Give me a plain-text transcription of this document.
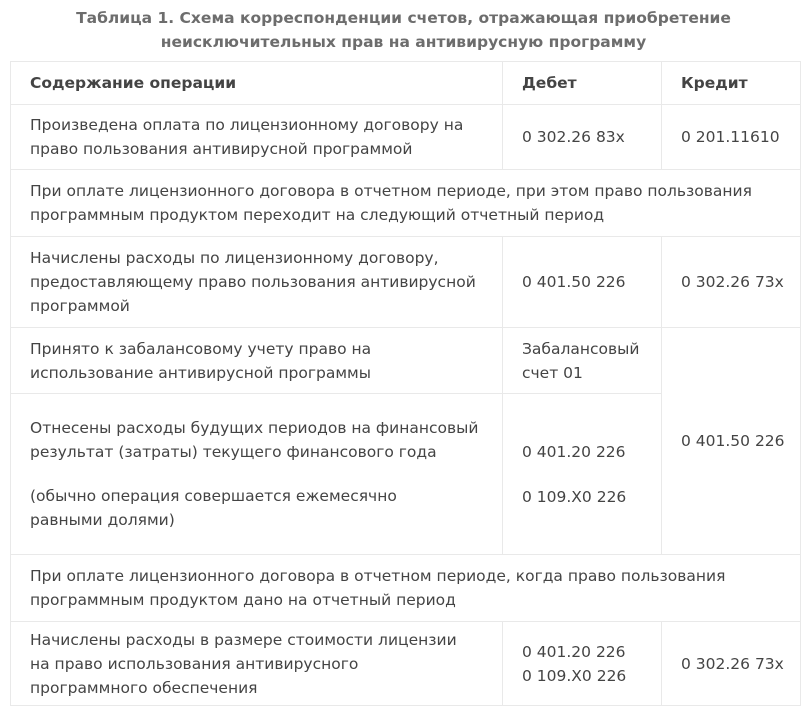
Таблица 1. Схема корреспонденции счетов, отражающая приобретение
неисключительных прав на антивирусную программу
Содержание операции	Дебет	Кредит

Произведена оплата по лицензионному договору на
право пользования антивирусной программой	0 302.26 83х	0 201.11610

При оплате лицензионного договора в отчетном периоде, при этом право пользования
программным продуктом переходит на следующий отчетный период		

Начислены расходы по лицензионному договору,
предоставляющему право пользования антивирусной
программой	0 401.50 226	0 302.26 73х

Принято к забалансовому учету право на
использование антивирусной программы	Забалансовый
счет 01	0 401.50 226

Отнесены расходы будущих периодов на финансовый
результат (затраты) текущего финансового года
(обычно операция совершается ежемесячно
равными долями)	0 401.20 226
0 109.Х0 226	

При оплате лицензионного договора в отчетном периоде, когда право пользования
программным продуктом дано на отчетный период		

Начислены расходы в размере стоимости лицензии
на право использования антивирусного
программного обеспечения	0 401.20 226
0 109.Х0 226	0 302.26 73х
